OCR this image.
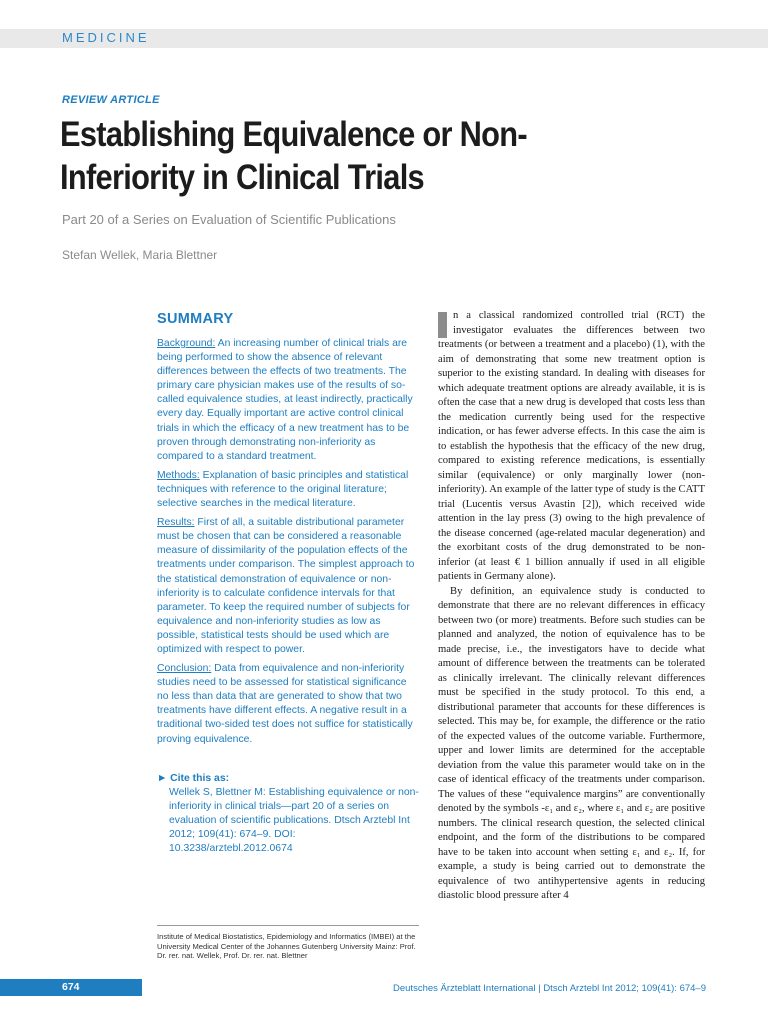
MEDICINE
REVIEW ARTICLE
Establishing Equivalence or Non-Inferiority in Clinical Trials
Part 20 of a Series on Evaluation of Scientific Publications
Stefan Wellek, Maria Blettner
SUMMARY

Background: An increasing number of clinical trials are being performed to show the absence of relevant differences between the effects of two treatments. The primary care physician makes use of the results of so-called equivalence studies, at least indirectly, practically every day. Equally important are active control clinical trials in which the efficacy of a new treatment has to be proven through demonstrating non-inferiority as compared to a standard treatment.

Methods: Explanation of basic principles and statistical techniques with reference to the original literature; selective searches in the medical literature.

Results: First of all, a suitable distributional parameter must be chosen that can be considered a reasonable measure of dissimilarity of the population effects of the treatments under comparison. The simplest approach to the statistical demonstration of equivalence or non-inferiority is to calculate confidence intervals for that parameter. To keep the required number of subjects for equivalence and non-inferiority studies as low as possible, statistical tests should be used which are optimized with respect to power.

Conclusion: Data from equivalence and non-inferiority studies need to be assessed for statistical significance no less than data that are generated to show that two treatments have different effects. A negative result in a traditional two-sided test does not suffice for statistically proving equivalence.

► Cite this as:
Wellek S, Blettner M: Establishing equivalence or non-inferiority in clinical trials—part 20 of a series on evaluation of scientific publications. Dtsch Arztebl Int 2012; 109(41): 674–9. DOI: 10.3238/arztebl.2012.0674
Institute of Medical Biostatistics, Epidemiology and Informatics (IMBEI) at the University Medical Center of the Johannes Gutenberg University Mainz: Prof. Dr. rer. nat. Wellek, Prof. Dr. rer. nat. Blettner

n a classical randomized controlled trial (RCT) the investigator evaluates the differences between two treatments (or between a treatment and a placebo) (1), with the aim of demonstrating that some new treatment option is superior to the existing standard. In dealing with diseases for which adequate treatment options are already available, it is is often the case that a new drug is developed that costs less than the medication currently being used for the respective indication, or has fewer adverse effects. In this case the aim is to establish the hypothesis that the efficacy of the new drug, compared to existing reference medications, is essentially similar (equivalence) or only marginally lower (non-inferiority). An example of the latter type of study is the CATT trial (Lucentis versus Avastin [2]), which received wide attention in the lay press (3) owing to the high prevalence of the disease concerned (age-related macular degeneration) and the exorbitant costs of the drug demonstrated to be non-inferior (at least € 1 billion annually if used in all eligible patients in Germany alone).

By definition, an equivalence study is conducted to demonstrate that there are no relevant differences in efficacy between two (or more) treatments. Before such studies can be planned and analyzed, the notion of equivalence has to be made precise, i.e., the investigators have to decide what amount of difference between the treatments can be tolerated as clinically irrelevant. The clinically relevant differences must be specified in the study protocol. To this end, a distributional parameter that accounts for these differences is selected. This may be, for example, the difference or the ratio of the expected values of the outcome variable. Furthermore, upper and lower limits are determined for the acceptable deviation from the value this parameter would take on in the case of identical efficacy of the treatments under comparison. The values of these “equivalence margins” are conventionally denoted by the symbols -ε₁ and ε₂, where ε₁ and ε₂ are positive numbers. The clinical research question, the selected clinical endpoint, and the form of the distributions to be compared have to be taken into account when setting ε₁ and ε₂. If, for example, a study is being carried out to demonstrate the equivalence of two antihypertensive agents in reducing diastolic blood pressure after 4

674	Deutsches Ärzteblatt International | Dtsch Arztebl Int 2012; 109(41): 674–9
